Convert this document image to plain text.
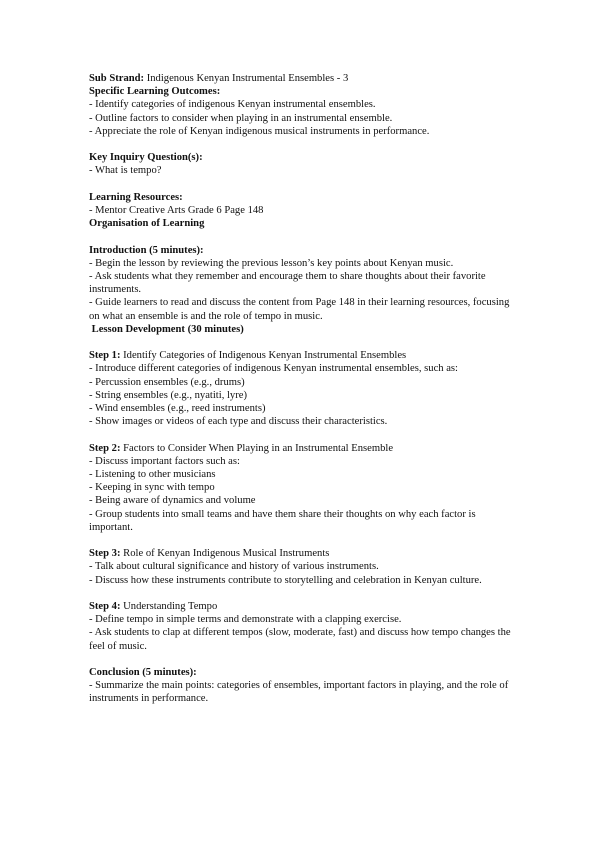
Sub Strand: Indigenous Kenyan Instrumental Ensembles - 3
Specific Learning Outcomes:
- Identify categories of indigenous Kenyan instrumental ensembles.
- Outline factors to consider when playing in an instrumental ensemble.
- Appreciate the role of Kenyan indigenous musical instruments in performance.
Key Inquiry Question(s):
- What is tempo?
Learning Resources:
- Mentor Creative Arts Grade 6 Page 148
Organisation of Learning
Introduction (5 minutes):
- Begin the lesson by reviewing the previous lesson’s key points about Kenyan music.
- Ask students what they remember and encourage them to share thoughts about their favorite instruments.
- Guide learners to read and discuss the content from Page 148 in their learning resources, focusing on what an ensemble is and the role of tempo in music.
Lesson Development (30 minutes)
Step 1: Identify Categories of Indigenous Kenyan Instrumental Ensembles
- Introduce different categories of indigenous Kenyan instrumental ensembles, such as:
- Percussion ensembles (e.g., drums)
- String ensembles (e.g., nyatiti, lyre)
- Wind ensembles (e.g., reed instruments)
- Show images or videos of each type and discuss their characteristics.
Step 2: Factors to Consider When Playing in an Instrumental Ensemble
- Discuss important factors such as:
- Listening to other musicians
- Keeping in sync with tempo
- Being aware of dynamics and volume
- Group students into small teams and have them share their thoughts on why each factor is important.
Step 3: Role of Kenyan Indigenous Musical Instruments
- Talk about cultural significance and history of various instruments.
- Discuss how these instruments contribute to storytelling and celebration in Kenyan culture.
Step 4: Understanding Tempo
- Define tempo in simple terms and demonstrate with a clapping exercise.
- Ask students to clap at different tempos (slow, moderate, fast) and discuss how tempo changes the feel of music.
Conclusion (5 minutes):
- Summarize the main points: categories of ensembles, important factors in playing, and the role of instruments in performance.
